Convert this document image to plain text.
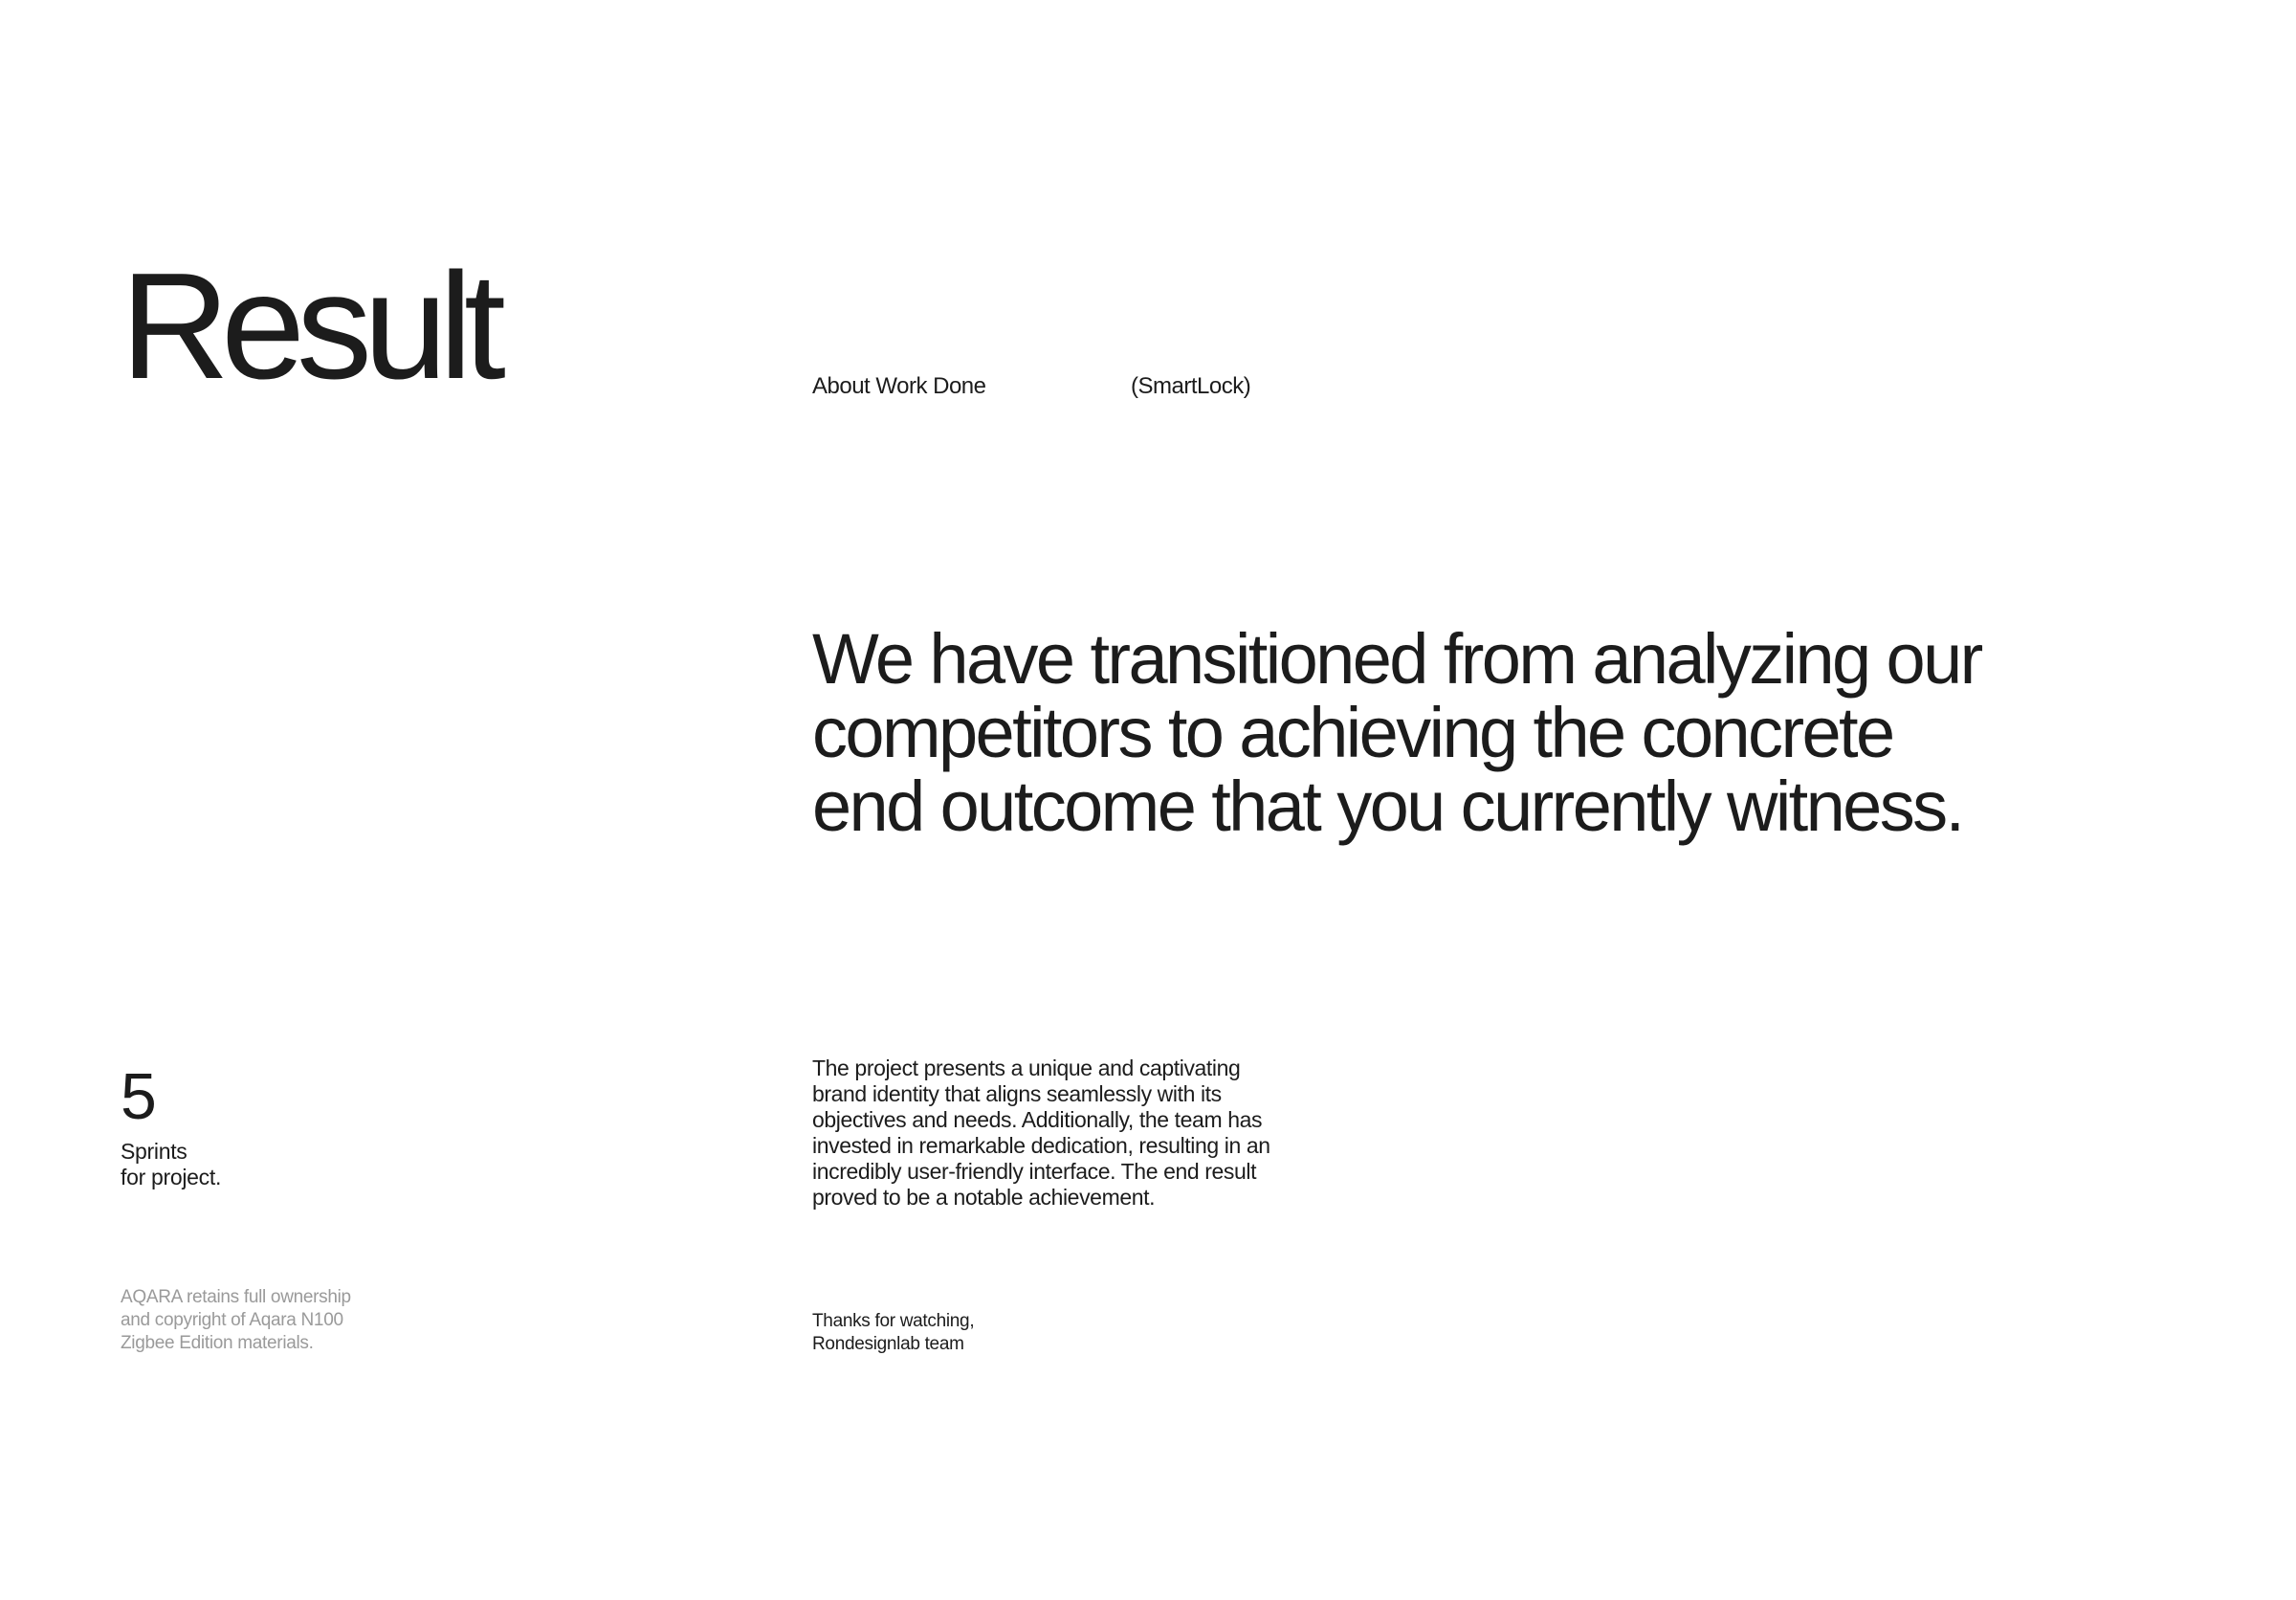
Result	About Work Done	(SmartLock)
We have transitioned from analyzing our
competitors to achieving the concrete
end outcome that you currently witness.
5
Sprints
for project.
The project presents a unique and captivating
brand identity that aligns seamlessly with its
objectives and needs. Additionally, the team has
invested in remarkable dedication, resulting in an
incredibly user-friendly interface. The end result
proved to be a notable achievement.
AQARA retains full ownership
and copyright of Aqara N100
Zigbee Edition materials.
Thanks for watching,
Rondesignlab team
